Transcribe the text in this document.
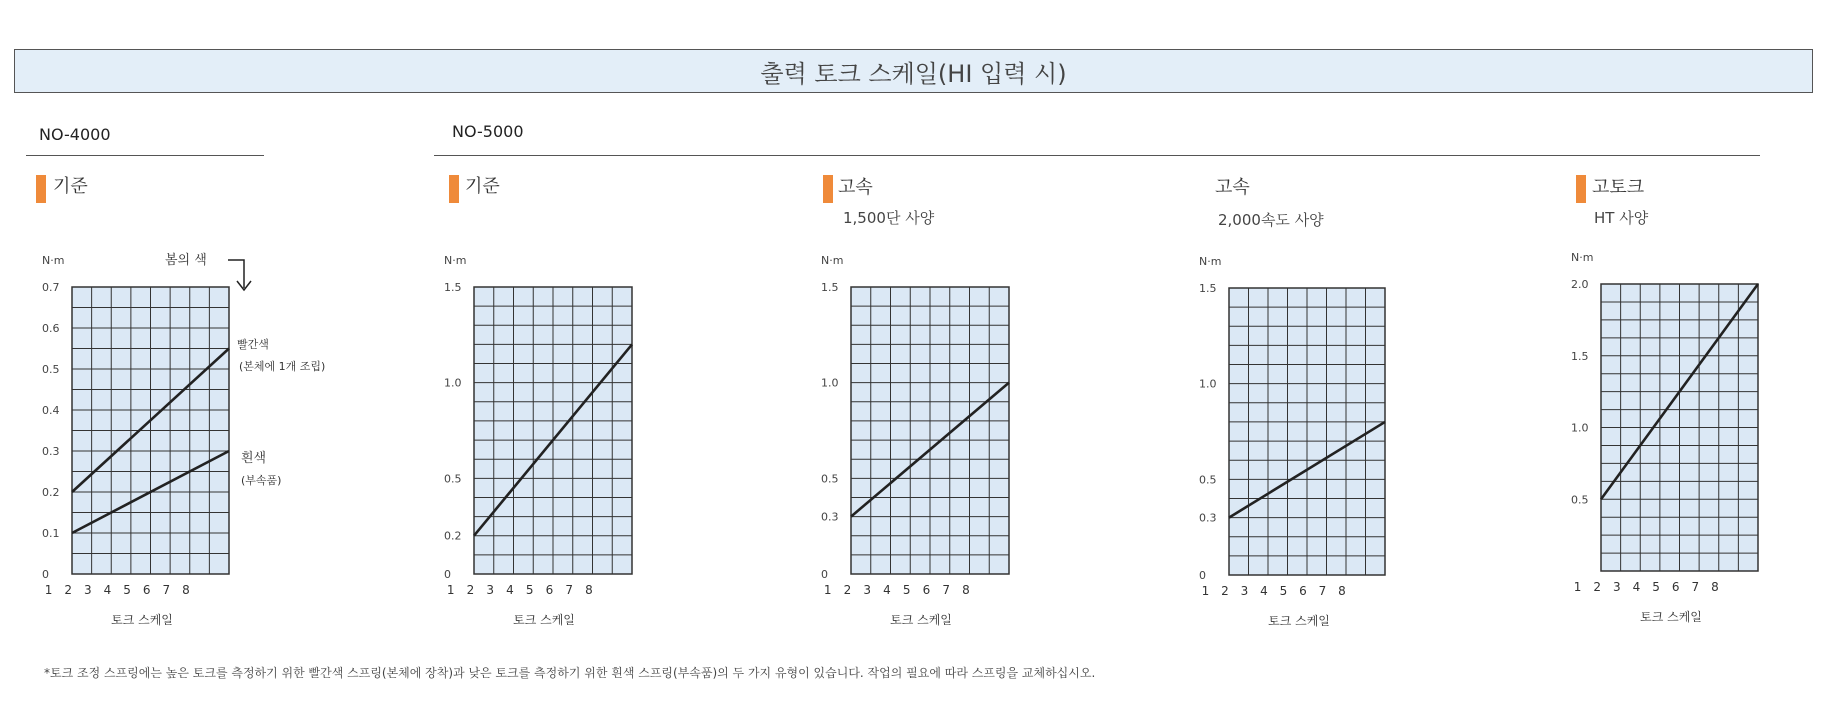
출력 토크 스케일(HI 입력 시)
NO-4000	NO-5000
기준	기준	고속
1,500단 사양
고속
2,000속도 사양
고토크
HT 사양
봄의 색
빨간색
(본체에 1개 조립)
흰색
(부속품)
0
0.1
0.2
0.3
0.4
0.5
0.6
0.7
N·m
1 2 3 4 5 6 7 8
토크 스케일
0
0.2
0.5
1.0
1.5
N·m
1 2 3 4 5 6 7 8
토크 스케일
0
0.3
0.5
1.0
1.5
N·m
1 2 3 4 5 6 7 8
토크 스케일
0
0.3
0.5
1.0
1.5
N·m
1 2 3 4 5 6 7 8
토크 스케일
0.5
1.0
1.5
2.0
N·m
1 2 3 4 5 6 7 8
토크 스케일
*토크 조정 스프링에는 높은 토크를 측정하기 위한 빨간색 스프링(본체에 장착)과 낮은 토크를 측정하기 위한 흰색 스프링(부속품)의 두 가지 유형이 있습니다. 작업의 필요에 따라 스프링을 교체하십시오.
